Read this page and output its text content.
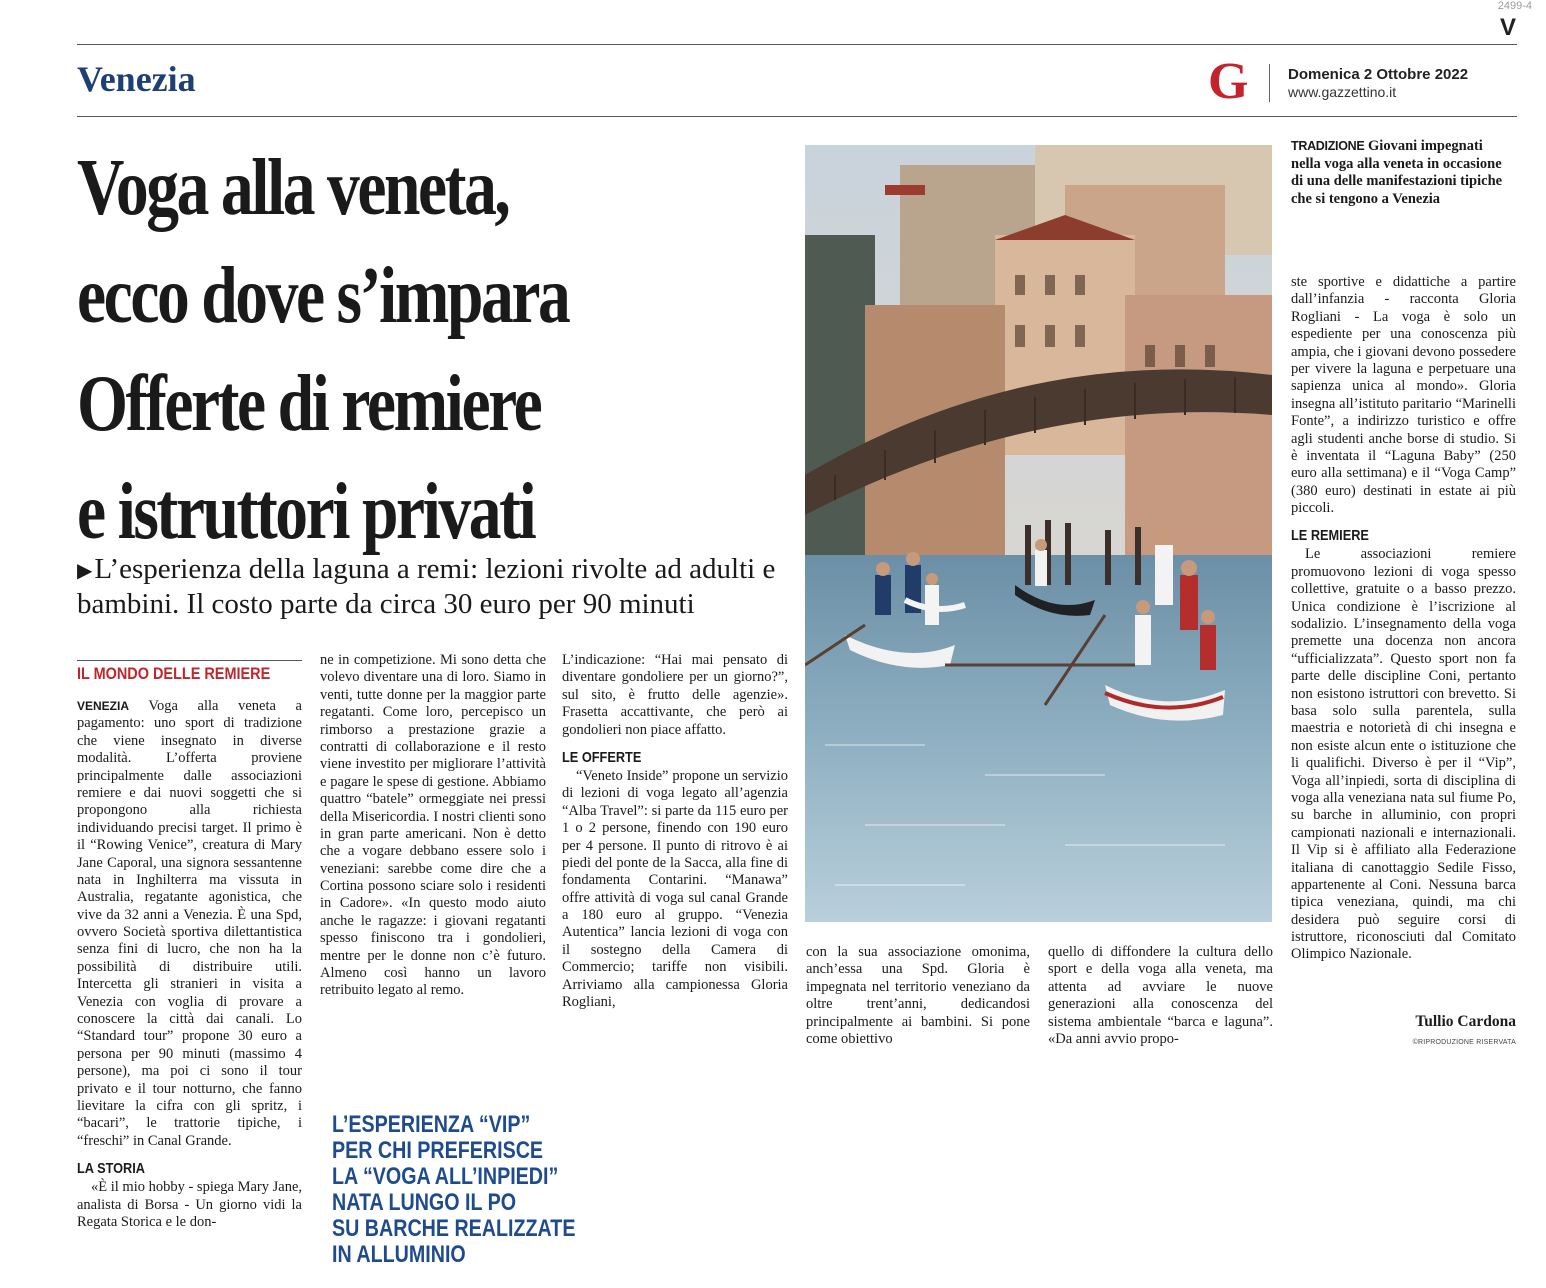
2499-4
V
Venezia	G	Domenica 2 Ottobre 2022
www.gazzettino.it
Voga alla veneta,
ecco dove s’impara
Offerte di remiere
e istruttori privati
▶L’esperienza della laguna a remi: lezioni rivolte ad adulti e bambini. Il costo parte da circa 30 euro per 90 minuti
TRADIZIONE Giovani impegnati nella voga alla veneta in occasione di una delle manifestazioni tipiche che si tengono a Venezia
IL MONDO DELLE REMIERE

VENEZIA Voga alla veneta a pagamento: uno sport di tradizione che viene insegnato in diverse modalità. L’offerta proviene principalmente dalle associazioni remiere e dai nuovi soggetti che si propongono alla richiesta individuando precisi target. Il primo è il “Rowing Venice”, creatura di Mary Jane Caporal, una signora sessantenne nata in Inghilterra ma vissuta in Australia, regatante agonistica, che vive da 32 anni a Venezia. È una Spd, ovvero Società sportiva dilettantistica senza fini di lucro, che non ha la possibilità di distribuire utili. Intercetta gli stranieri in visita a Venezia con voglia di provare a conoscere la città dai canali. Lo “Standard tour” propone 30 euro a persona per 90 minuti (massimo 4 persone), ma poi ci sono il tour privato e il tour notturno, che fanno lievitare la cifra con gli spritz, i “bacari”, le trattorie tipiche, i “freschi” in Canal Grande.

LA STORIA

«È il mio hobby - spiega Mary Jane, analista di Borsa - Un giorno vidi la Regata Storica e le don-

ne in competizione. Mi sono detta che volevo diventare una di loro. Siamo in venti, tutte donne per la maggior parte regatanti. Come loro, percepisco un rimborso a prestazione grazie a contratti di collaborazione e il resto viene investito per migliorare l’attività e pagare le spese di gestione. Abbiamo quattro “batele” ormeggiate nei pressi della Misericordia. I nostri clienti sono in gran parte americani. Non è detto che a vogare debbano essere solo i veneziani: sarebbe come dire che a Cortina possono sciare solo i residenti in Cadore». «In questo modo aiuto anche le ragazze: i giovani regatanti spesso finiscono tra i gondolieri, mentre per le donne non c’è futuro. Almeno così hanno un lavoro retribuito legato al remo.

L’indicazione: “Hai mai pensato di diventare gondoliere per un giorno?”, sul sito, è frutto delle agenzie». Frasetta accattivante, che però ai gondolieri non piace affatto.

LE OFFERTE

“Veneto Inside” propone un servizio di lezioni di voga legato all’agenzia “Alba Travel”: si parte da 115 euro per 1 o 2 persone, finendo con 190 euro per 4 persone. Il punto di ritrovo è ai piedi del ponte de la Sacca, alla fine di fondamenta Contarini. “Manawa” offre attività di voga sul canal Grande a 180 euro al gruppo. “Venezia Autentica” lancia lezioni di voga con il sostegno della Camera di Commercio; tariffe non visibili. Arriviamo alla campionessa Gloria Rogliani,

con la sua associazione omonima, anch’essa una Spd. Gloria è impegnata nel territorio veneziano da oltre trent’anni, dedicandosi principalmente ai bambini. Si pone come obiettivo

quello di diffondere la cultura dello sport e della voga alla veneta, ma attenta ad avviare le nuove generazioni alla conoscenza del sistema ambientale “barca e laguna”. «Da anni avvio propo-

ste sportive e didattiche a partire dall’infanzia - racconta Gloria Rogliani - La voga è solo un espediente per una conoscenza più ampia, che i giovani devono possedere per vivere la laguna e perpetuare una sapienza unica al mondo». Gloria insegna all’istituto paritario “Marinelli Fonte”, a indirizzo turistico e offre agli studenti anche borse di studio. Si è inventata il “Laguna Baby” (250 euro alla settimana) e il “Voga Camp” (380 euro) destinati in estate ai più piccoli.

LE REMIERE

Le associazioni remiere promuovono lezioni di voga spesso collettive, gratuite o a basso prezzo. Unica condizione è l’iscrizione al sodalizio. L’insegnamento della voga premette una docenza non ancora “ufficializzata”. Questo sport non fa parte delle discipline Coni, pertanto non esistono istruttori con brevetto. Si basa solo sulla parentela, sulla maestria e notorietà di chi insegna e non esiste alcun ente o istituzione che li qualifichi. Diverso è per il “Vip”, Voga all’inpiedi, sorta di disciplina di voga alla veneziana nata sul fiume Po, su barche in alluminio, con propri campionati nazionali e internazionali. Il Vip si è affiliato alla Federazione italiana di canottaggio Sedile Fisso, appartenente al Coni. Nessuna barca tipica veneziana, quindi, ma chi desidera può seguire corsi di istruttore, riconosciuti dal Comitato Olimpico Nazionale.

Tullio Cardona
©RIPRODUZIONE RISERVATA
L’ESPERIENZA “VIP”
PER CHI PREFERISCE
LA “VOGA ALL’INPIEDI”
NATA LUNGO IL PO
SU BARCHE REALIZZATE
IN ALLUMINIO
